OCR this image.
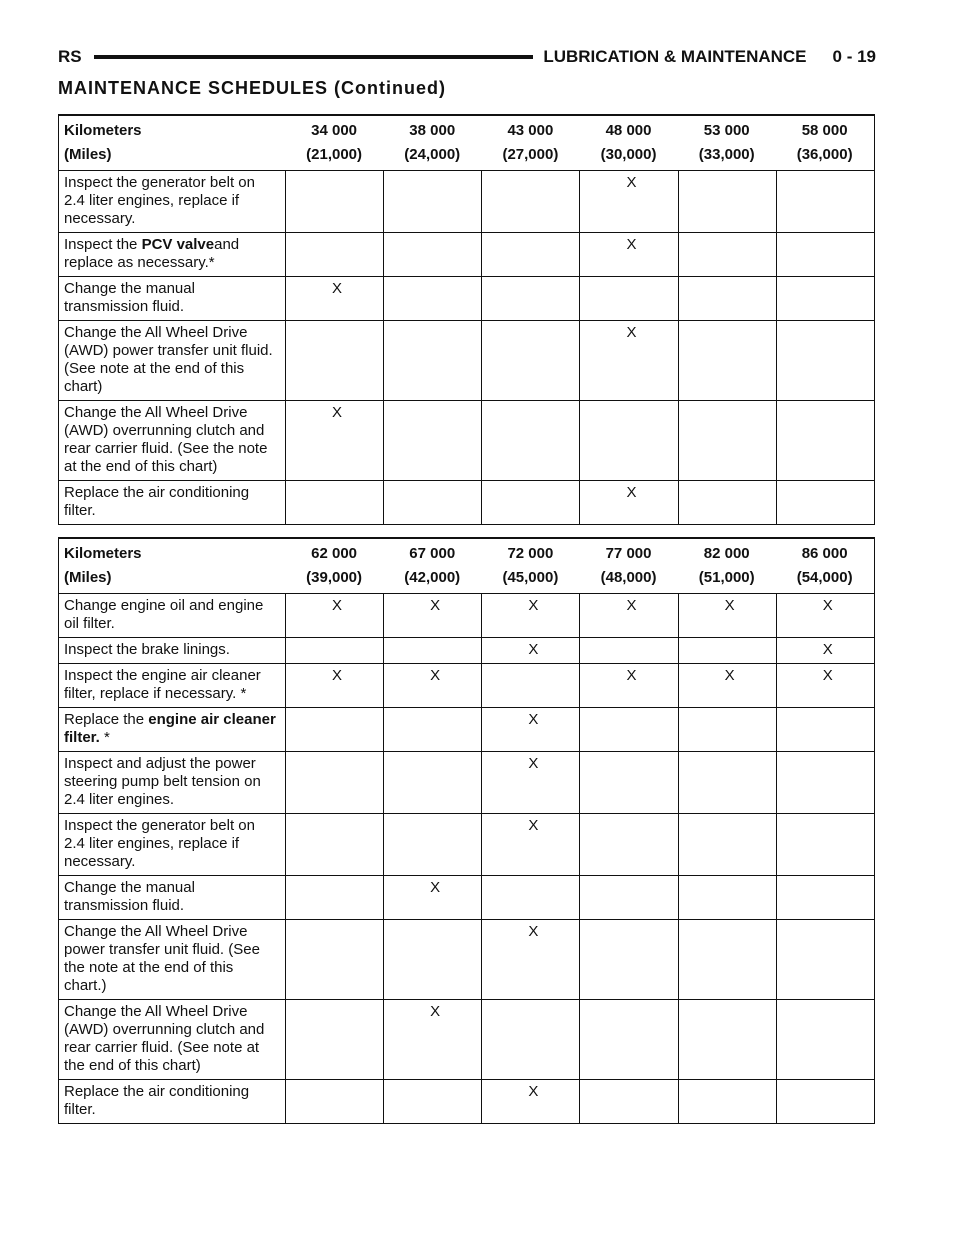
RS	LUBRICATION & MAINTENANCE 0 - 19
MAINTENANCE SCHEDULES (Continued)
Kilometers	34 000	38 000	43 000	48 000	53 000	58 000
(Miles)	(21,000)	(24,000)	(27,000)	(30,000)	(33,000)	(36,000)
Inspect the generator belt on 2.4 liter engines, replace if necessary.				X		
Inspect the PCV valveand replace as necessary.*				X		
Change the manual transmission fluid.	X					
Change the All Wheel Drive (AWD) power transfer unit fluid. (See note at the end of this chart)				X		
Change the All Wheel Drive (AWD) overrunning clutch and rear carrier fluid. (See the note at the end of this chart)	X					
Replace the air conditioning filter.				X		
Kilometers	62 000	67 000	72 000	77 000	82 000	86 000
(Miles)	(39,000)	(42,000)	(45,000)	(48,000)	(51,000)	(54,000)
Change engine oil and engine oil filter.	X	X	X	X	X	X
Inspect the brake linings.			X			X
Inspect the engine air cleaner filter, replace if necessary. *	X	X		X	X	X
Replace the engine air cleaner filter. *			X			
Inspect and adjust the power steering pump belt tension on 2.4 liter engines.			X			
Inspect the generator belt on 2.4 liter engines, replace if necessary.			X			
Change the manual transmission fluid.		X				
Change the All Wheel Drive power transfer unit fluid. (See the note at the end of this chart.)			X			
Change the All Wheel Drive (AWD) overrunning clutch and rear carrier fluid. (See note at the end of this chart)		X				
Replace the air conditioning filter.			X			
